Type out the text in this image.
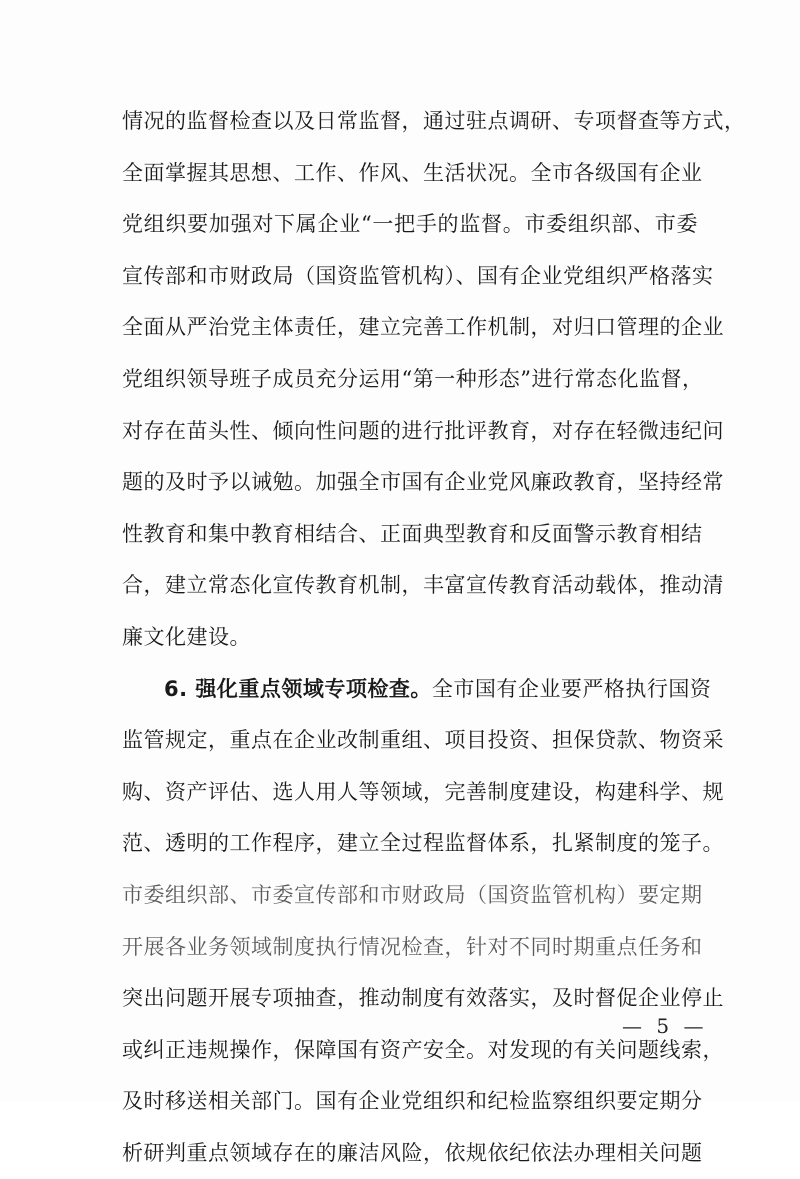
情况的监督检查以及日常监督，通过驻点调研、专项督查等方式，
全面掌握其思想、工作、作风、生活状况。全市各级国有企业
党组织要加强对下属企业“一把手的监督。市委组织部、市委
宣传部和市财政局（国资监管机构）、国有企业党组织严格落实
全面从严治党主体责任，建立完善工作机制，对归口管理的企业
党组织领导班子成员充分运用“第一种形态”进行常态化监督，
对存在苗头性、倾向性问题的进行批评教育，对存在轻微违纪问
题的及时予以诫勉。加强全市国有企业党风廉政教育，坚持经常
性教育和集中教育相结合、正面典型教育和反面警示教育相结
合，建立常态化宣传教育机制，丰富宣传教育活动载体，推动清
廉文化建设。
6. 强化重点领域专项检查。全市国有企业要严格执行国资
监管规定，重点在企业改制重组、项目投资、担保贷款、物资采
购、资产评估、选人用人等领域，完善制度建设，构建科学、规
范、透明的工作程序，建立全过程监督体系，扎紧制度的笼子。
市委组织部、市委宣传部和市财政局（国资监管机构）要定期
开展各业务领域制度执行情况检查，针对不同时期重点任务和
突出问题开展专项抽查，推动制度有效落实，及时督促企业停止
或纠正违规操作，保障国有资产安全。对发现的有关问题线索，
及时移送相关部门。国有企业党组织和纪检监察组织要定期分
析研判重点领域存在的廉洁风险，依规依纪依法办理相关问题
— 5 —
